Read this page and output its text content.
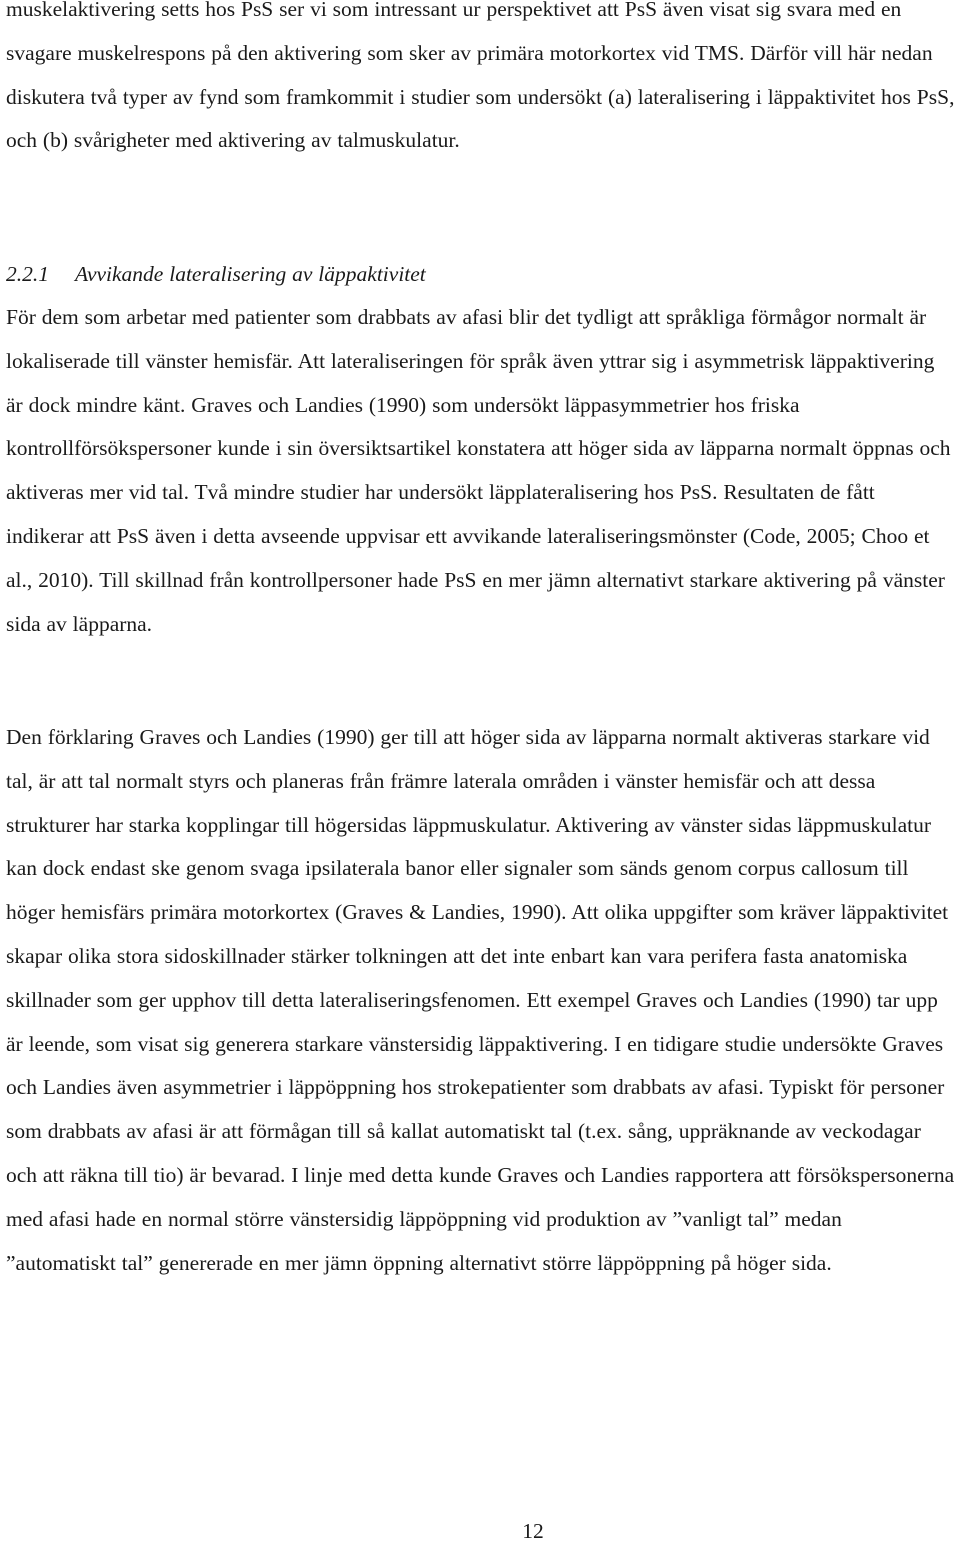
muskelaktivering setts hos PsS ser vi som intressant ur perspektivet att PsS även visat sig svara med en svagare muskelrespons på den aktivering som sker av primära motorkortex vid TMS. Därför vill här nedan diskutera två typer av fynd som framkommit i studier som undersökt (a) lateralisering i läppaktivitet hos PsS, och (b) svårigheter med aktivering av talmuskulatur.

2.2.1 Avvikande lateralisering av läppaktivitet

För dem som arbetar med patienter som drabbats av afasi blir det tydligt att språkliga förmågor normalt är lokaliserade till vänster hemisfär. Att lateraliseringen för språk även yttrar sig i asymmetrisk läppaktivering är dock mindre känt. Graves och Landies (1990) som undersökt läppasymmetrier hos friska kontrollförsökspersoner kunde i sin översiktsartikel konstatera att höger sida av läpparna normalt öppnas och aktiveras mer vid tal. Två mindre studier har undersökt läpplateralisering hos PsS. Resultaten de fått indikerar att PsS även i detta avseende uppvisar ett avvikande lateraliseringsmönster (Code, 2005; Choo et al., 2010). Till skillnad från kontrollpersoner hade PsS en mer jämn alternativt starkare aktivering på vänster sida av läpparna.

Den förklaring Graves och Landies (1990) ger till att höger sida av läpparna normalt aktiveras starkare vid tal, är att tal normalt styrs och planeras från främre laterala områden i vänster hemisfär och att dessa strukturer har starka kopplingar till högersidas läppmuskulatur. Aktivering av vänster sidas läppmuskulatur kan dock endast ske genom svaga ipsilaterala banor eller signaler som sänds genom corpus callosum till höger hemisfärs primära motorkortex (Graves & Landies, 1990). Att olika uppgifter som kräver läppaktivitet skapar olika stora sidoskillnader stärker tolkningen att det inte enbart kan vara perifera fasta anatomiska skillnader som ger upphov till detta lateraliseringsfenomen. Ett exempel Graves och Landies (1990) tar upp är leende, som visat sig generera starkare vänstersidig läppaktivering. I en tidigare studie undersökte Graves och Landies även asymmetrier i läppöppning hos strokepatienter som drabbats av afasi. Typiskt för personer som drabbats av afasi är att förmågan till så kallat automatiskt tal (t.ex. sång, uppräknande av veckodagar och att räkna till tio) är bevarad. I linje med detta kunde Graves och Landies rapportera att försökspersonerna med afasi hade en normal större vänstersidig läppöppning vid produktion av ”vanligt tal” medan ”automatiskt tal” genererade en mer jämn öppning alternativt större läppöppning på höger sida.

12
